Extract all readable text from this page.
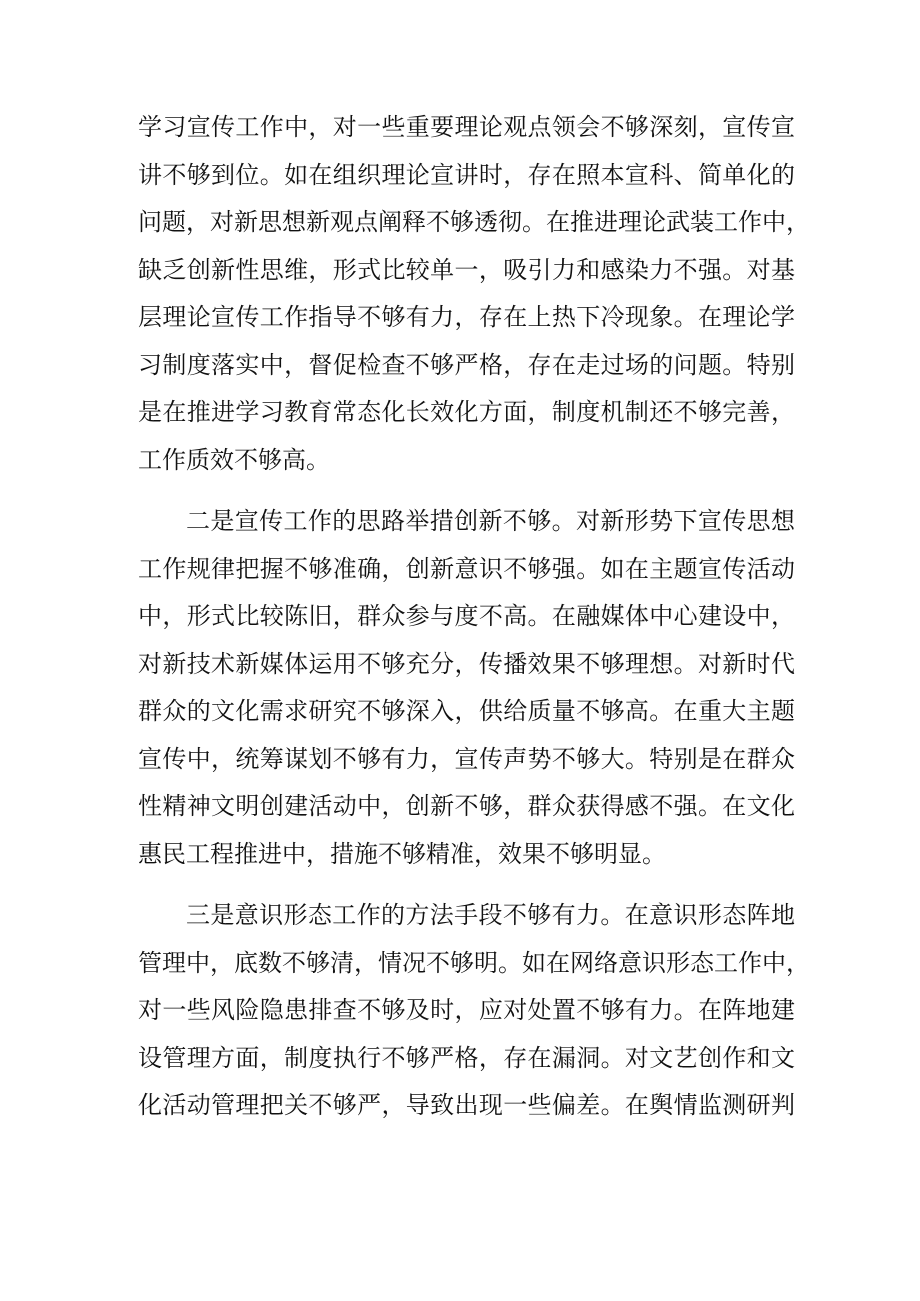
学习宣传工作中，对一些重要理论观点领会不够深刻，宣传宣
讲不够到位。如在组织理论宣讲时，存在照本宣科、简单化的
问题，对新思想新观点阐释不够透彻。在推进理论武装工作中，
缺乏创新性思维，形式比较单一，吸引力和感染力不强。对基
层理论宣传工作指导不够有力，存在上热下冷现象。在理论学
习制度落实中，督促检查不够严格，存在走过场的问题。特别
是在推进学习教育常态化长效化方面，制度机制还不够完善，
工作质效不够高。
二是宣传工作的思路举措创新不够。对新形势下宣传思想
工作规律把握不够准确，创新意识不够强。如在主题宣传活动
中，形式比较陈旧，群众参与度不高。在融媒体中心建设中，
对新技术新媒体运用不够充分，传播效果不够理想。对新时代
群众的文化需求研究不够深入，供给质量不够高。在重大主题
宣传中，统筹谋划不够有力，宣传声势不够大。特别是在群众
性精神文明创建活动中，创新不够，群众获得感不强。在文化
惠民工程推进中，措施不够精准，效果不够明显。
三是意识形态工作的方法手段不够有力。在意识形态阵地
管理中，底数不够清，情况不够明。如在网络意识形态工作中，
对一些风险隐患排查不够及时，应对处置不够有力。在阵地建
设管理方面，制度执行不够严格，存在漏洞。对文艺创作和文
化活动管理把关不够严，导致出现一些偏差。在舆情监测研判
